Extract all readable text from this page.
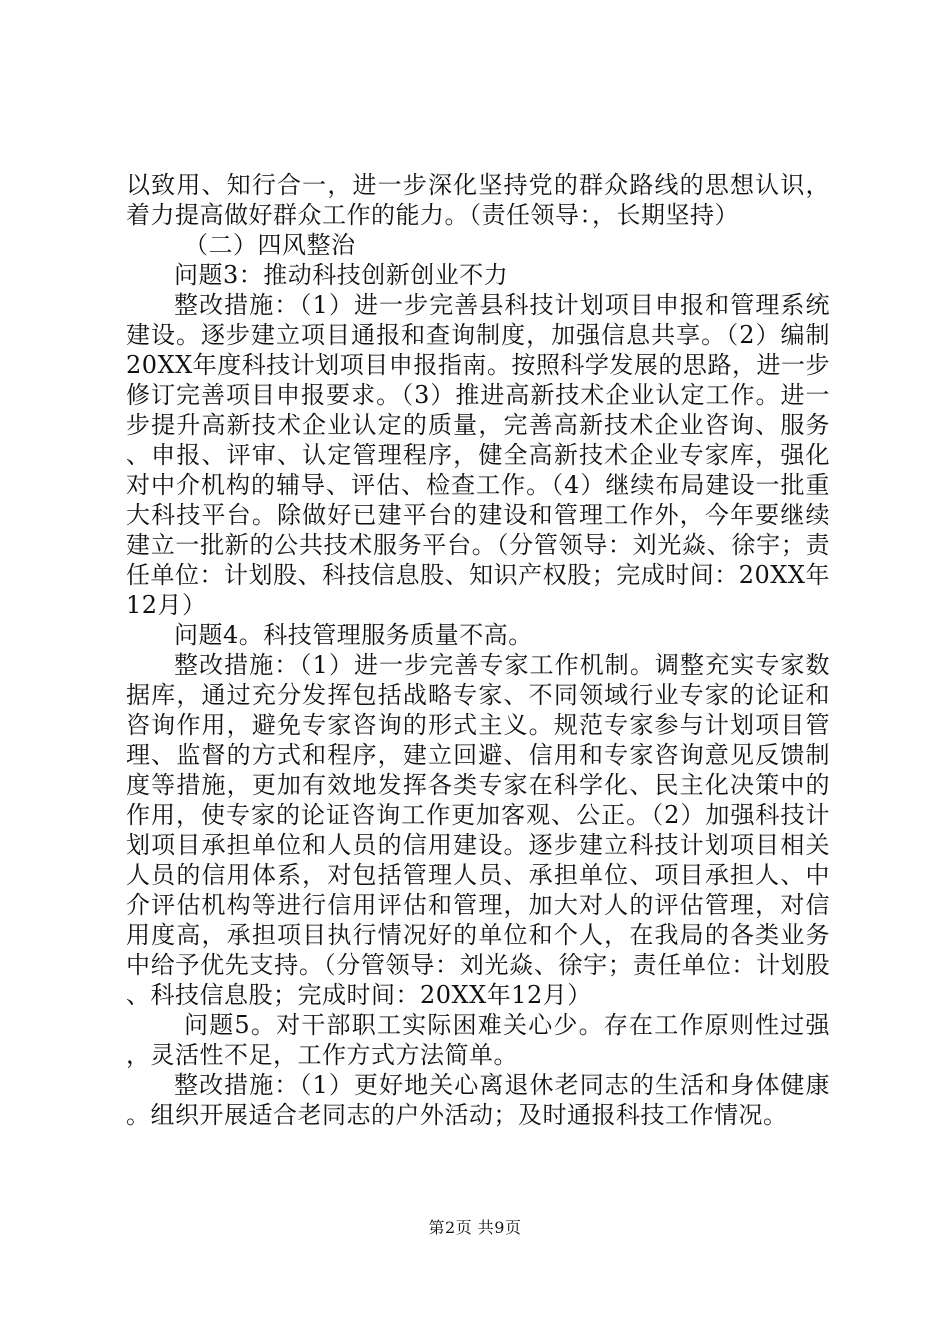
以致用、知行合一，进一步深化坚持党的群众路线的思想认识，着力提高做好群众工作的能力。（责任领导：，长期坚持）

（二）四风整治

问题3：推动科技创新创业不力

整改措施：（1）进一步完善县科技计划项目申报和管理系统建设。逐步建立项目通报和查询制度，加强信息共享。（2）编制20XX年度科技计划项目申报指南。按照科学发展的思路，进一步修订完善项目申报要求。（3）推进高新技术企业认定工作。进一步提升高新技术企业认定的质量，完善高新技术企业咨询、服务、申报、评审、认定管理程序，健全高新技术企业专家库，强化对中介机构的辅导、评估、检查工作。（4）继续布局建设一批重大科技平台。除做好已建平台的建设和管理工作外，今年要继续建立一批新的公共技术服务平台。（分管领导：刘光焱、徐宇；责任单位：计划股、科技信息股、知识产权股；完成时间：20XX年12月）

问题4。科技管理服务质量不高。

整改措施：（1）进一步完善专家工作机制。调整充实专家数据库，通过充分发挥包括战略专家、不同领域行业专家的论证和咨询作用，避免专家咨询的形式主义。规范专家参与计划项目管理、监督的方式和程序，建立回避、信用和专家咨询意见反馈制度等措施，更加有效地发挥各类专家在科学化、民主化决策中的作用，使专家的论证咨询工作更加客观、公正。（2）加强科技计划项目承担单位和人员的信用建设。逐步建立科技计划项目相关人员的信用体系，对包括管理人员、承担单位、项目承担人、中介评估机构等进行信用评估和管理，加大对人的评估管理，对信用度高，承担项目执行情况好的单位和个人，在我局的各类业务中给予优先支持。（分管领导：刘光焱、徐宇；责任单位：计划股、科技信息股；完成时间：20XX年12月）

问题5。对干部职工实际困难关心少。存在工作原则性过强，灵活性不足，工作方式方法简单。

整改措施：（1）更好地关心离退休老同志的生活和身体健康。组织开展适合老同志的户外活动；及时通报科技工作情况。

第2页 共9页
